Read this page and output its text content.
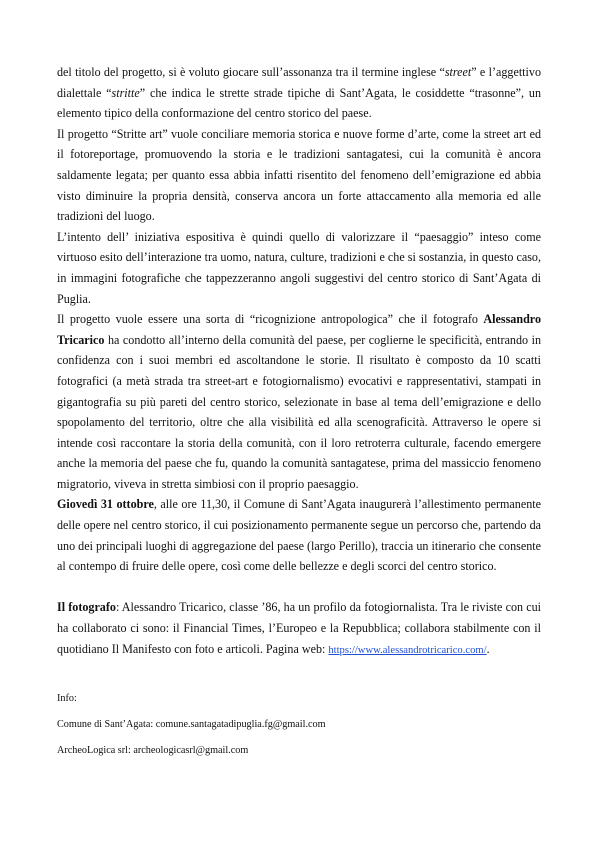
del titolo del progetto, si è voluto giocare sull’assonanza tra il termine inglese “street” e l’aggettivo dialettale “stritte” che indica le strette strade tipiche di Sant’Agata, le cosiddette “trasonne”, un elemento tipico della conformazione del centro storico del paese.

Il progetto “Stritte art” vuole conciliare memoria storica e nuove forme d’arte, come la street art ed il fotoreportage, promuovendo la storia e le tradizioni santagatesi, cui la comunità è ancora saldamente legata; per quanto essa abbia infatti risentito del fenomeno dell’emigrazione ed abbia visto diminuire la propria densità, conserva ancora un forte attaccamento alla memoria ed alle tradizioni del luogo.

L’intento dell’ iniziativa espositiva è quindi quello di valorizzare il “paesaggio” inteso come virtuoso esito dell’interazione tra uomo, natura, culture, tradizioni e che si sostanzia, in questo caso, in immagini fotografiche che tappezzeranno angoli suggestivi del centro storico di Sant’Agata di Puglia.

Il progetto vuole essere una sorta di “ricognizione antropologica” che il fotografo Alessandro Tricarico ha condotto all’interno della comunità del paese, per coglierne le specificità, entrando in confidenza con i suoi membri ed ascoltandone le storie. Il risultato è composto da 10 scatti fotografici (a metà strada tra street-art e fotogiornalismo) evocativi e rappresentativi, stampati in gigantografia su più pareti del centro storico, selezionate in base al tema dell’emigrazione e dello spopolamento del territorio, oltre che alla visibilità ed alla scenograficità. Attraverso le opere si intende così raccontare la storia della comunità, con il loro retroterra culturale, facendo emergere anche la memoria del paese che fu, quando la comunità santagatese, prima del massiccio fenomeno migratorio, viveva in stretta simbiosi con il proprio paesaggio.

Giovedì 31 ottobre, alle ore 11,30, il Comune di Sant’Agata inaugurerà l’allestimento permanente delle opere nel centro storico, il cui posizionamento permanente segue un percorso che, partendo da uno dei principali luoghi di aggregazione del paese (largo Perillo), traccia un itinerario che consente al contempo di fruire delle opere, così come delle bellezze e degli scorci del centro storico.

Il fotografo: Alessandro Tricarico, classe ’86, ha un profilo da fotogiornalista. Tra le riviste con cui ha collaborato ci sono: il Financial Times, l’Europeo e la Repubblica; collabora stabilmente con il quotidiano Il Manifesto con foto e articoli. Pagina web: https://www.alessandrotricarico.com/.

Info:

Comune di Sant’Agata: comune.santagatadipuglia.fg@gmail.com

ArcheoLogica srl: archeologicasrl@gmail.com
